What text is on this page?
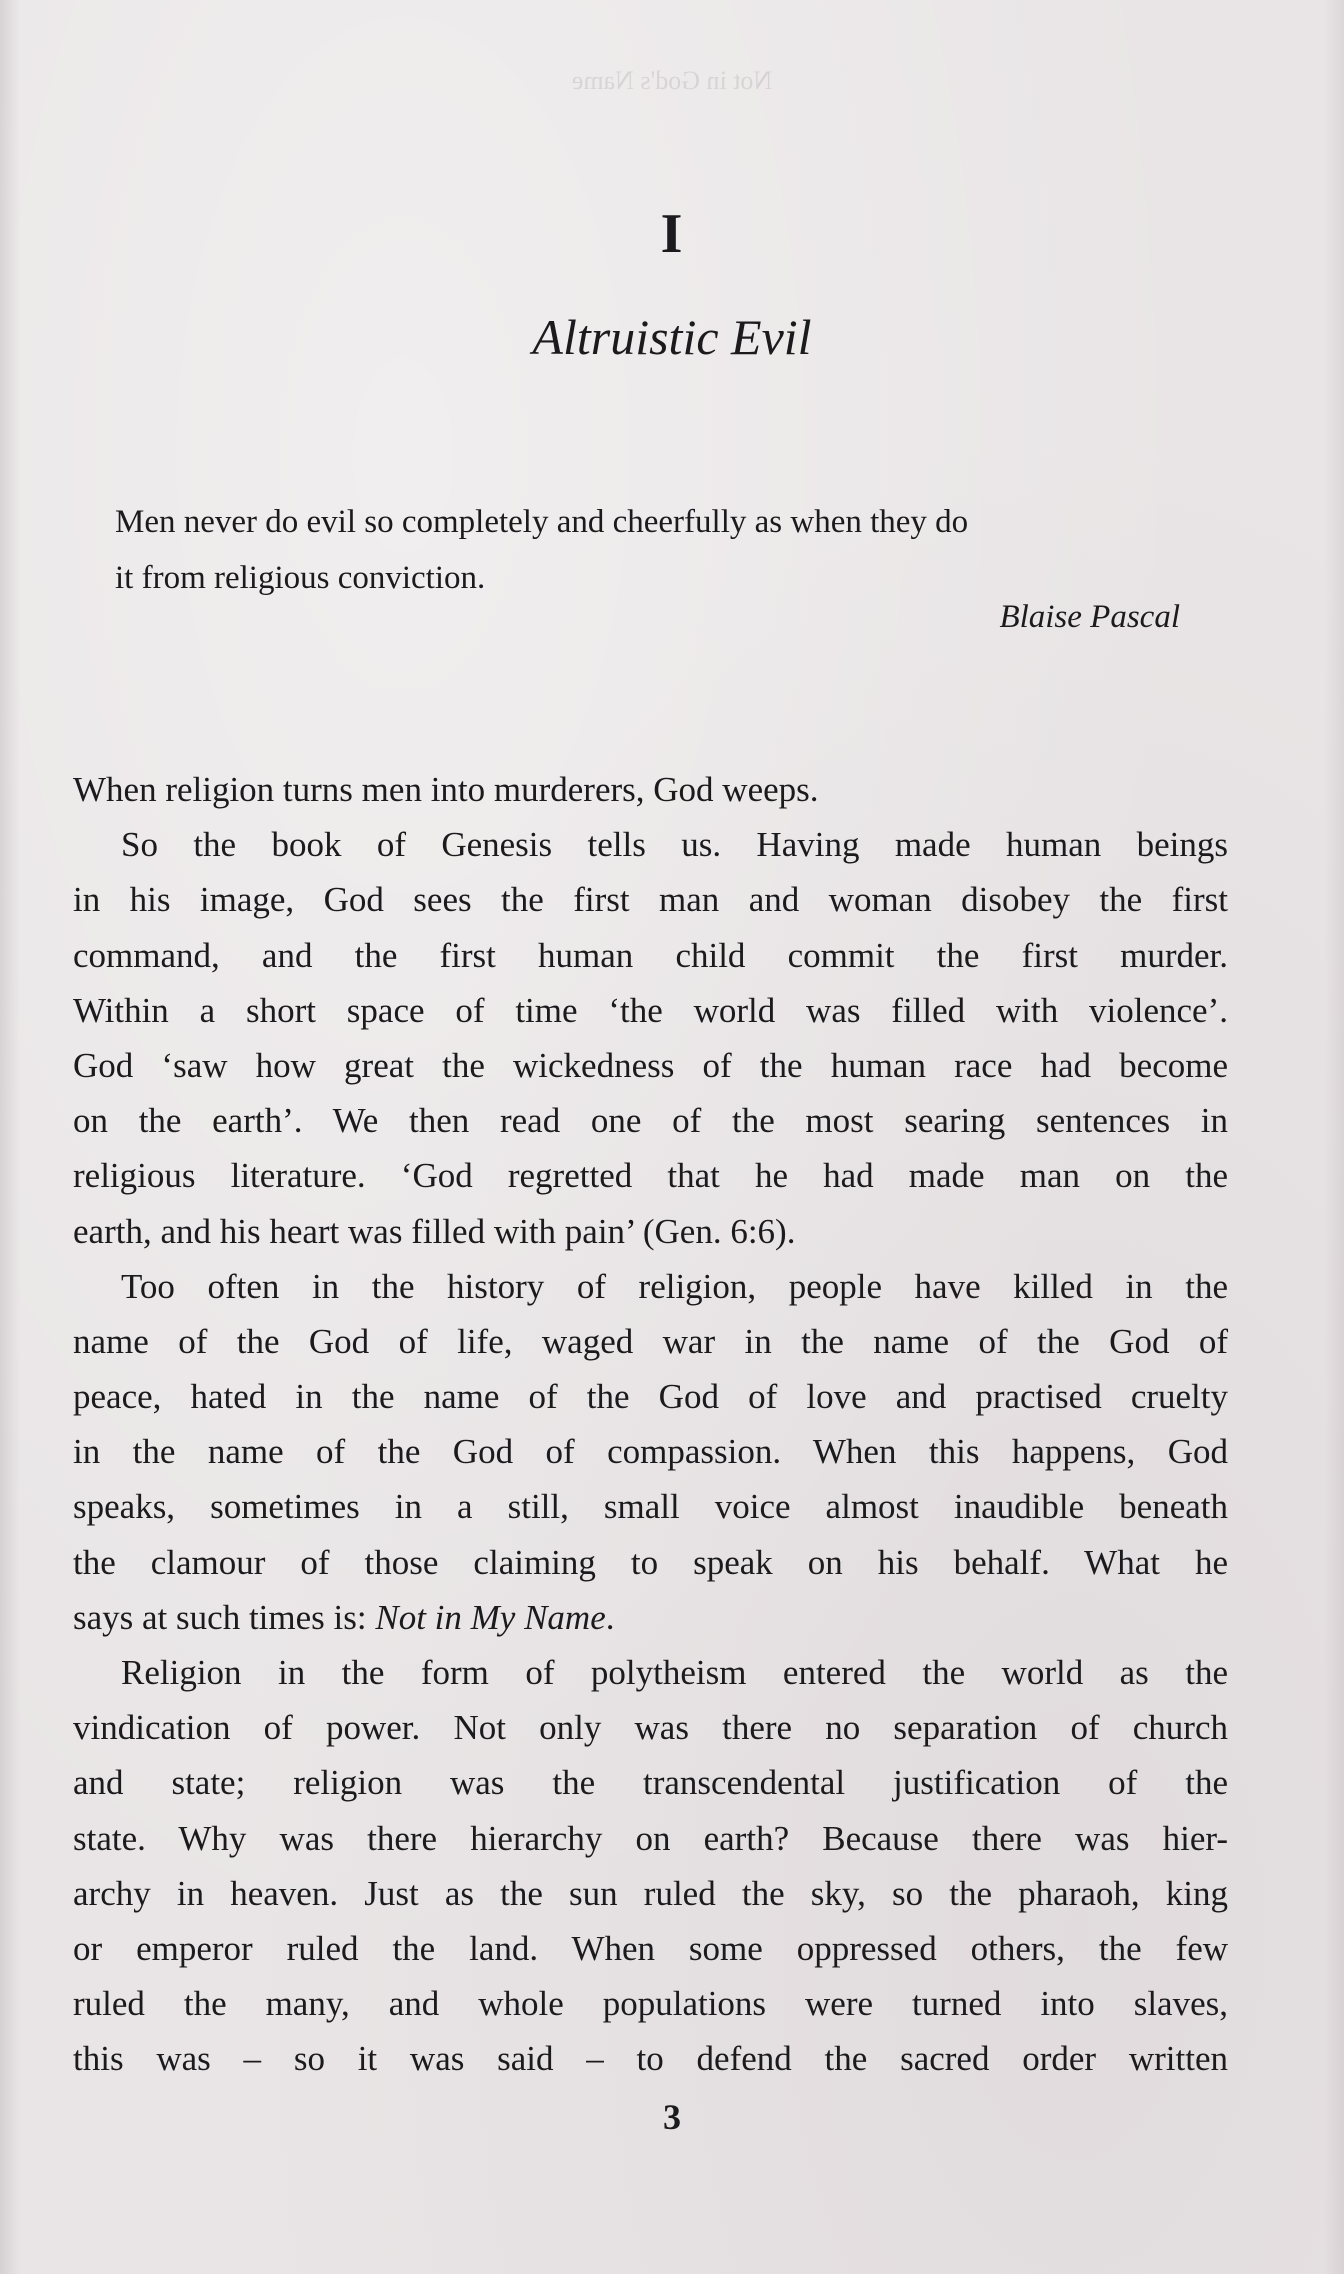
Not in God's Name
I
Altruistic Evil
Men never do evil so completely and cheerfully as when they do
it from religious conviction.
Blaise Pascal
When religion turns men into murderers, God weeps.
So the book of Genesis tells us. Having made human beings
in his image, God sees the first man and woman disobey the first
command, and the first human child commit the first murder.
Within a short space of time ‘the world was filled with violence’.
God ‘saw how great the wickedness of the human race had become
on the earth’. We then read one of the most searing sentences in
religious literature. ‘God regretted that he had made man on the
earth, and his heart was filled with pain’ (Gen. 6:6).
Too often in the history of religion, people have killed in the
name of the God of life, waged war in the name of the God of
peace, hated in the name of the God of love and practised cruelty
in the name of the God of compassion. When this happens, God
speaks, sometimes in a still, small voice almost inaudible beneath
the clamour of those claiming to speak on his behalf. What he
says at such times is: Not in My Name.
Religion in the form of polytheism entered the world as the
vindication of power. Not only was there no separation of church
and state; religion was the transcendental justification of the
state. Why was there hierarchy on earth? Because there was hier-
archy in heaven. Just as the sun ruled the sky, so the pharaoh, king
or emperor ruled the land. When some oppressed others, the few
ruled the many, and whole populations were turned into slaves,
this was – so it was said – to defend the sacred order written
3
